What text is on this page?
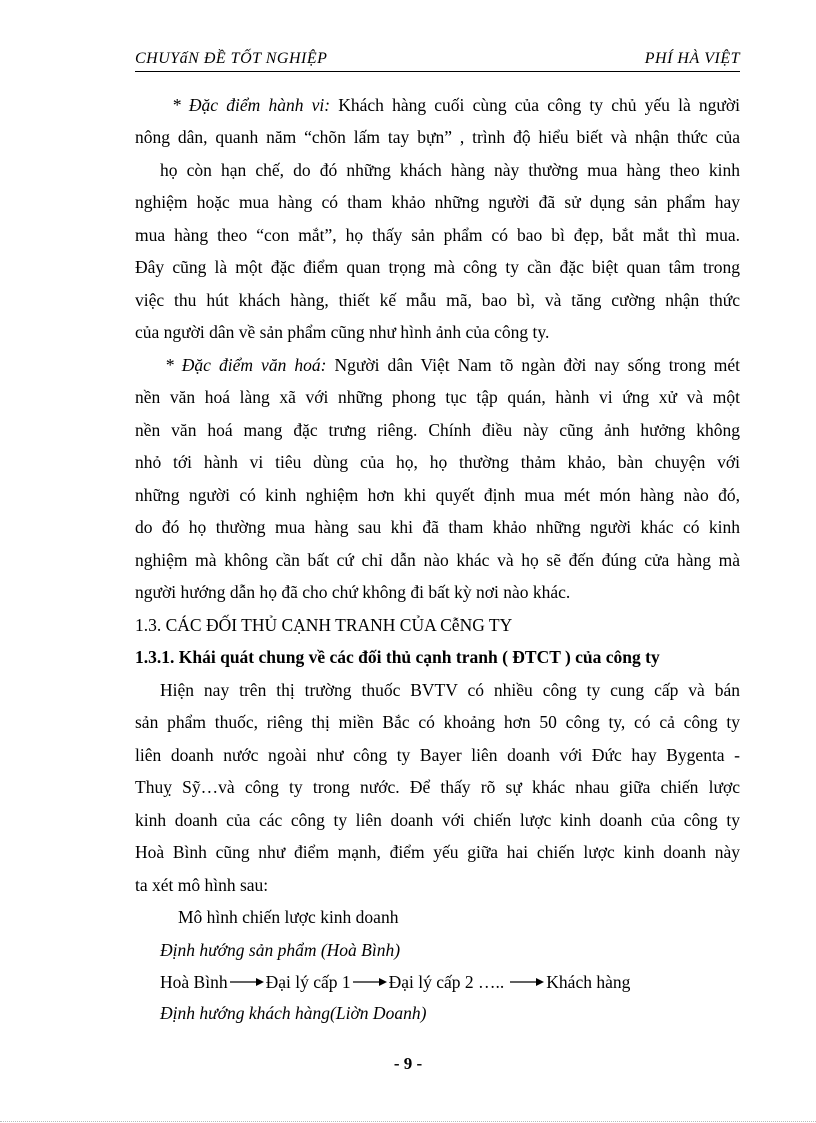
CHUYấN ĐỀ TỐT NGHIỆP	PHÍ HÀ VIỆT
* Đặc điểm hành vi: Khách hàng cuối cùng của công ty chủ yếu là người
nông dân, quanh năm “chõn lấm tay bựn” , trình độ hiểu biết và nhận thức của
họ còn hạn chế, do đó những khách hàng này thường mua hàng theo kinh
nghiệm hoặc mua hàng có tham khảo những người đã sử dụng sản phẩm hay
mua hàng theo “con mắt”, họ thấy sản phẩm có bao bì đẹp, bắt mắt thì mua.
Đây cũng là một đặc điểm quan trọng mà công ty cần đặc biệt quan tâm trong
việc thu hút khách hàng, thiết kế mẫu mã, bao bì, và tăng cường nhận thức
của người dân về sản phẩm cũng như hình ảnh của công ty.
* Đặc điểm văn hoá: Người dân Việt Nam tõ ngàn đời nay sống trong mét
nền văn hoá làng xã với những phong tục tập quán, hành vi ứng xử và một
nền văn hoá mang đặc trưng riêng. Chính điều này cũng ảnh hưởng không
nhỏ tới hành vi tiêu dùng của họ, họ thường thảm khảo, bàn chuyện với
những người có kinh nghiệm hơn khi quyết định mua mét món hàng nào đó,
do đó họ thường mua hàng sau khi đã tham khảo những người khác có kinh
nghiệm mà không cần bất cứ chỉ dẫn nào khác và họ sẽ đến đúng cửa hàng mà
người hướng dẫn họ đã cho chứ không đi bất kỳ nơi nào khác.
1.3. CÁC ĐỐI THỦ CẠNH TRANH CỦA CễNG TY
1.3.1. Khái quát chung về các đối thủ cạnh tranh ( ĐTCT ) của công ty
Hiện nay trên thị trường thuốc BVTV có nhiều công ty cung cấp và bán
sản phẩm thuốc, riêng thị miền Bắc có khoảng hơn 50 công ty, có cả công ty
liên doanh nước ngoài như công ty Bayer liên doanh với Đức hay Bygenta -
Thuỵ Sỹ…và công ty trong nước. Để thấy rõ sự khác nhau giữa chiến lược
kinh doanh của các công ty liên doanh với chiến lược kinh doanh của công ty
Hoà Bình cũng như điểm mạnh, điểm yếu giữa hai chiến lược kinh doanh này
ta xét mô hình sau:
Mô hình chiến lược kinh doanh
Định hướng sản phẩm (Hoà Bình)
Hoà Bình Đại lý cấp 1 Đại lý cấp 2 ….. Khách hàng
Định hướng khách hàng(Liờn Doanh)
- 9 -
